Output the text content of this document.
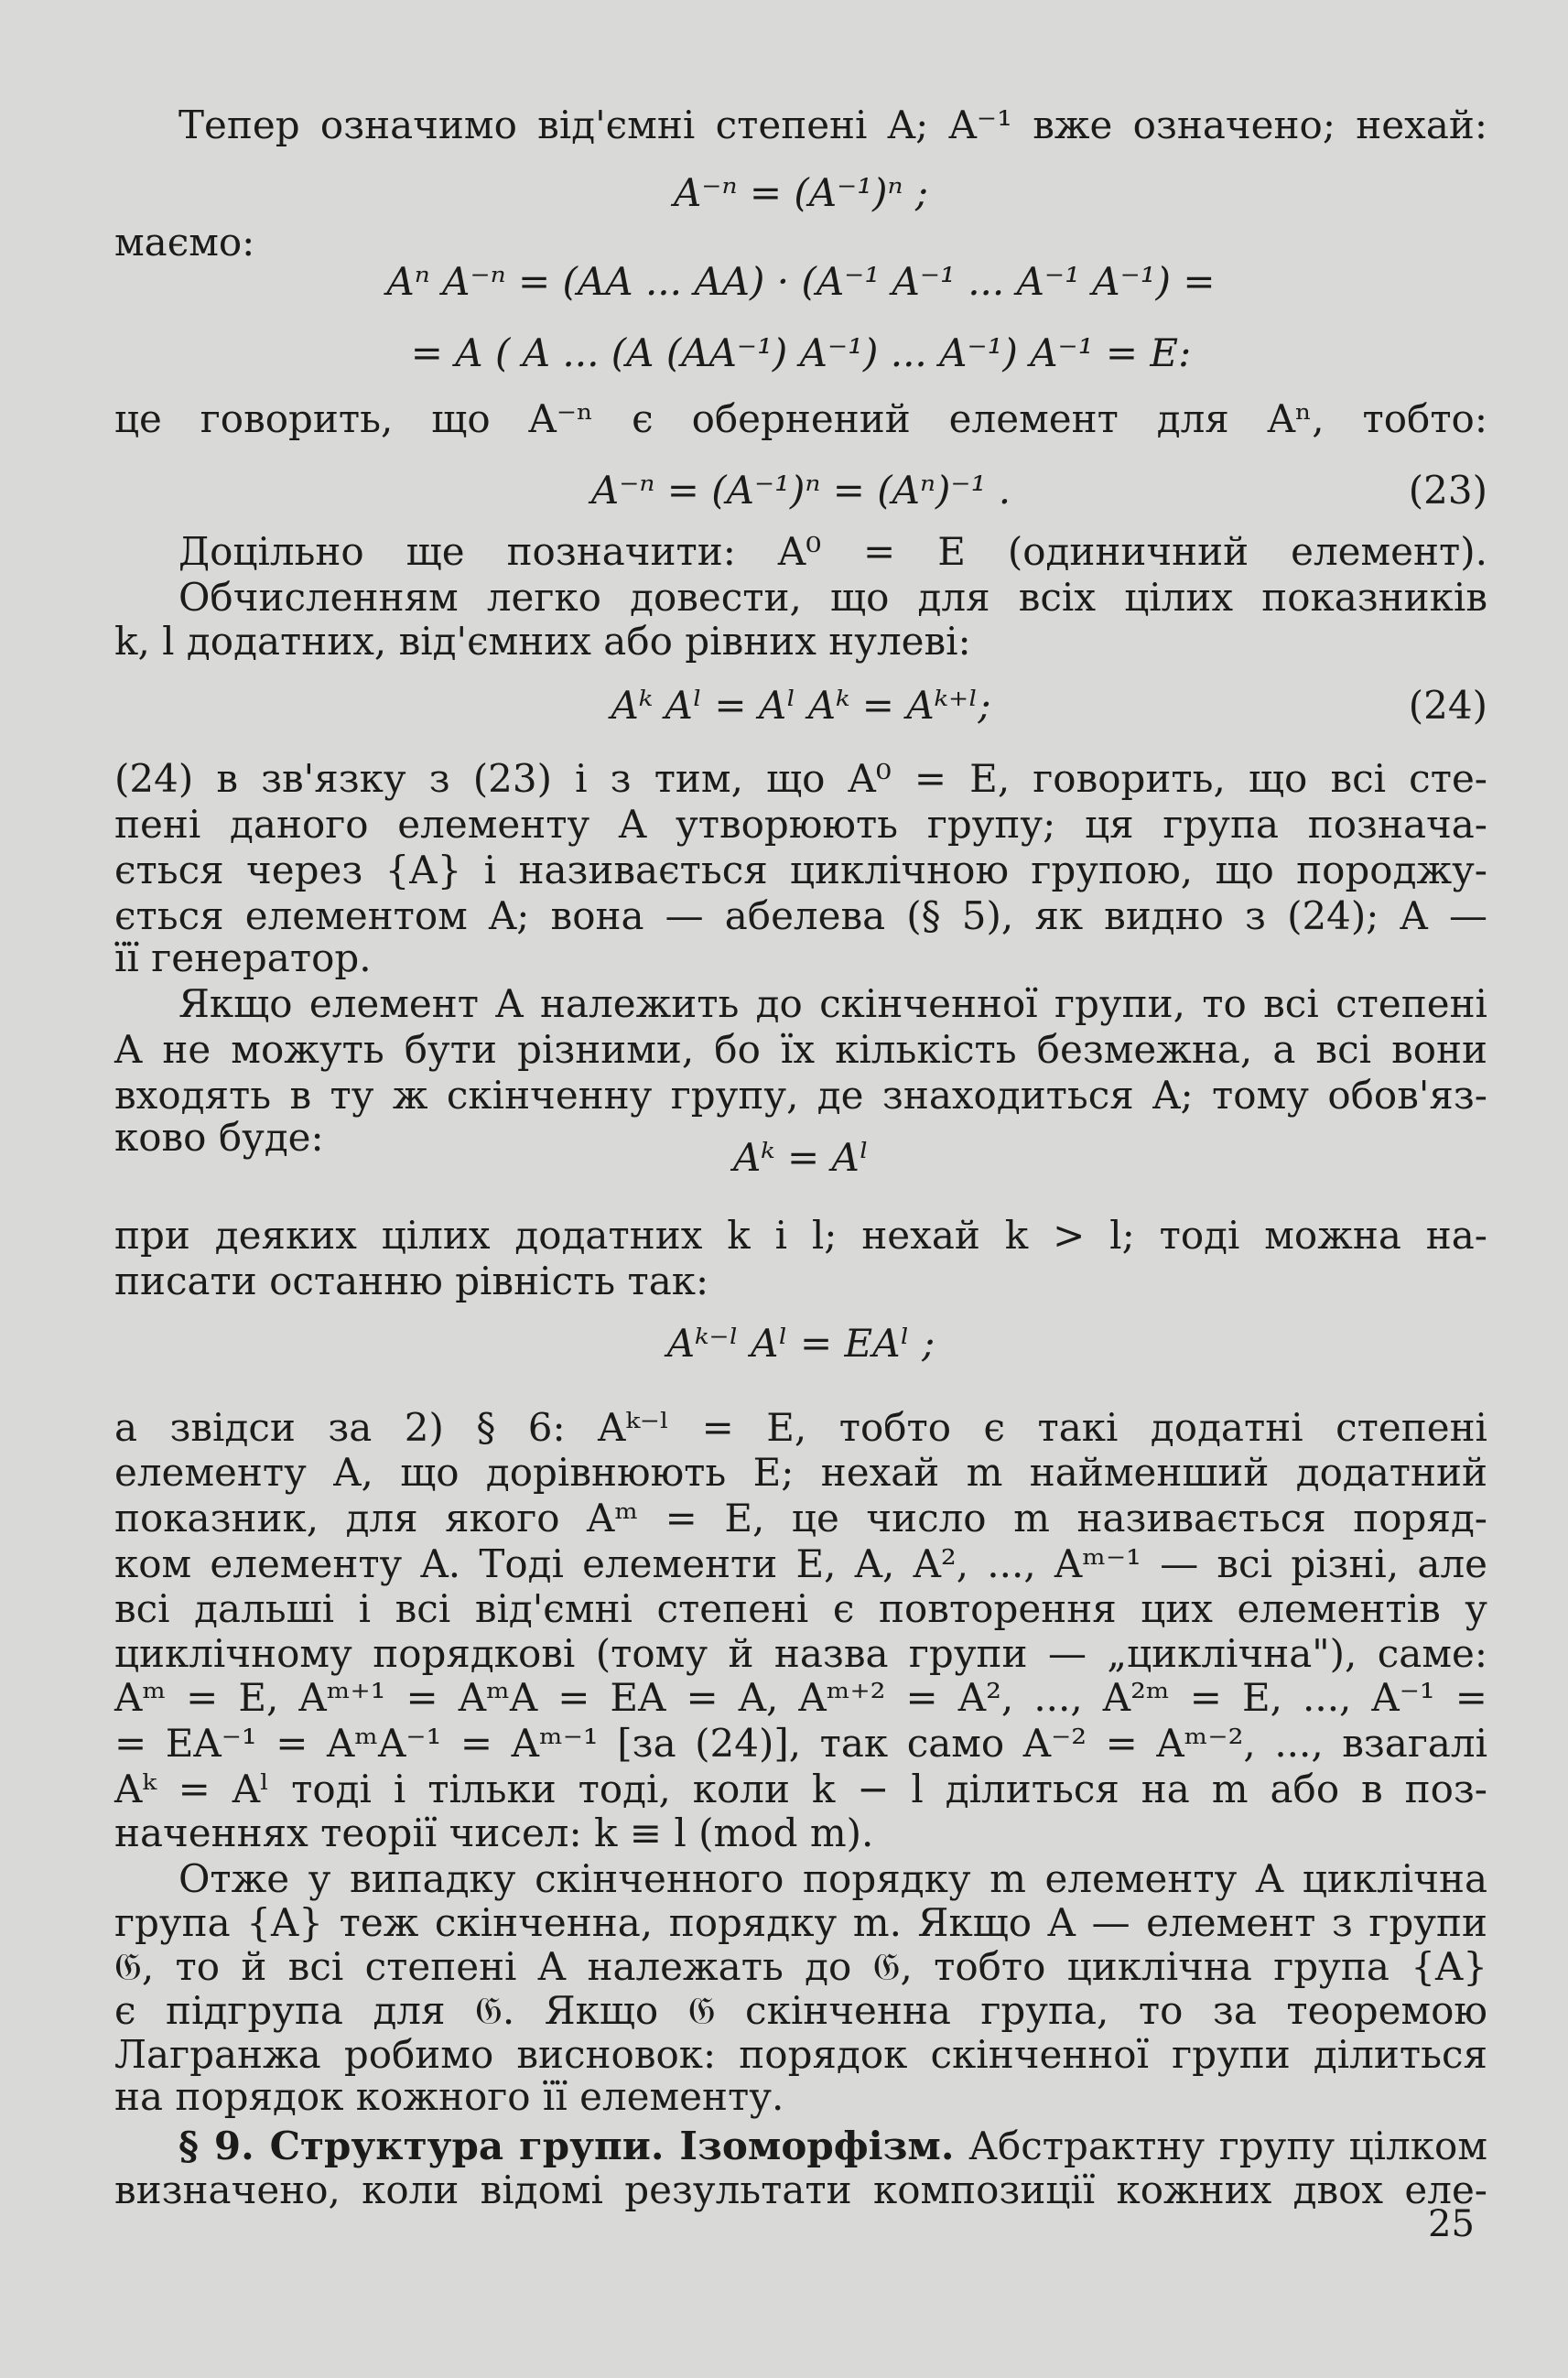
Тепер означимо від'ємні степені A; A⁻¹ вже означено; нехай:
A⁻ⁿ = (A⁻¹)ⁿ ;
маємо:
Aⁿ A⁻ⁿ = (AA ... AA) · (A⁻¹ A⁻¹ ... A⁻¹ A⁻¹) =
= A ( A ... (A (AA⁻¹) A⁻¹) ... A⁻¹) A⁻¹ = E:
це говорить, що A⁻ⁿ є обернений елемент для Aⁿ, тобто:
A⁻ⁿ = (A⁻¹)ⁿ = (Aⁿ)⁻¹ .	(23)
Доцільно ще позначити: A⁰ = E (одиничний елемент).
Обчисленням легко довести, що для всіх цілих показників
k, l додатних, від'ємних або рівних нулеві:
Aᵏ Aˡ = Aˡ Aᵏ = Aᵏ⁺ˡ;	(24)
(24) в зв'язку з (23) і з тим, що A⁰ = E, говорить, що всі сте-
пені даного елементу A утворюють групу; ця група познача-
ється через {A} і називається циклічною групою, що породжу-
ється елементом A; вона — абелева (§ 5), як видно з (24); A —
її генератор.
Якщо елемент A належить до скінченної групи, то всі степені
A не можуть бути різними, бо їх кількість безмежна, а всі вони
входять в ту ж скінченну групу, де знаходиться A; тому обов'яз-
ково буде:	Aᵏ = Aˡ
при деяких цілих додатних k і l; нехай k > l; тоді можна на-
писати останню рівність так:
Aᵏ⁻ˡ Aˡ = EAˡ ;
а звідси за 2) § 6: Aᵏ⁻ˡ = E, тобто є такі додатні степені
елементу A, що дорівнюють E; нехай m найменший додатний
показник, для якого Aᵐ = E, це число m називається поряд-
ком елементу A. Тоді елементи E, A, A², ..., Aᵐ⁻¹ — всі різні, але
всі дальші і всі від'ємні степені є повторення цих елементів у
циклічному порядкові (тому й назва групи — „циклічна"), саме:
Aᵐ = E, Aᵐ⁺¹ = AᵐA = EA = A, Aᵐ⁺² = A², ..., A²ᵐ = E, ..., A⁻¹ =
= EA⁻¹ = AᵐA⁻¹ = Aᵐ⁻¹ [за (24)], так само A⁻² = Aᵐ⁻², ..., взагалі
Aᵏ = Aˡ тоді і тільки тоді, коли k − l ділиться на m або в поз-
наченнях теорії чисел: k ≡ l (mod m).
Отже у випадку скінченного порядку m елементу A циклічна
група {A} теж скінченна, порядку m. Якщо A — елемент з групи
𝔊, то й всі степені A належать до 𝔊, тобто циклічна група {A}
є підгрупа для 𝔊. Якщо 𝔊 скінченна група, то за теоремою
Лагранжа робимо висновок: порядок скінченної групи ділиться
на порядок кожного її елементу.
§ 9. Структура групи. Ізоморфізм. Абстрактну групу цілком
визначено, коли відомі результати композиції кожних двох еле-
25
